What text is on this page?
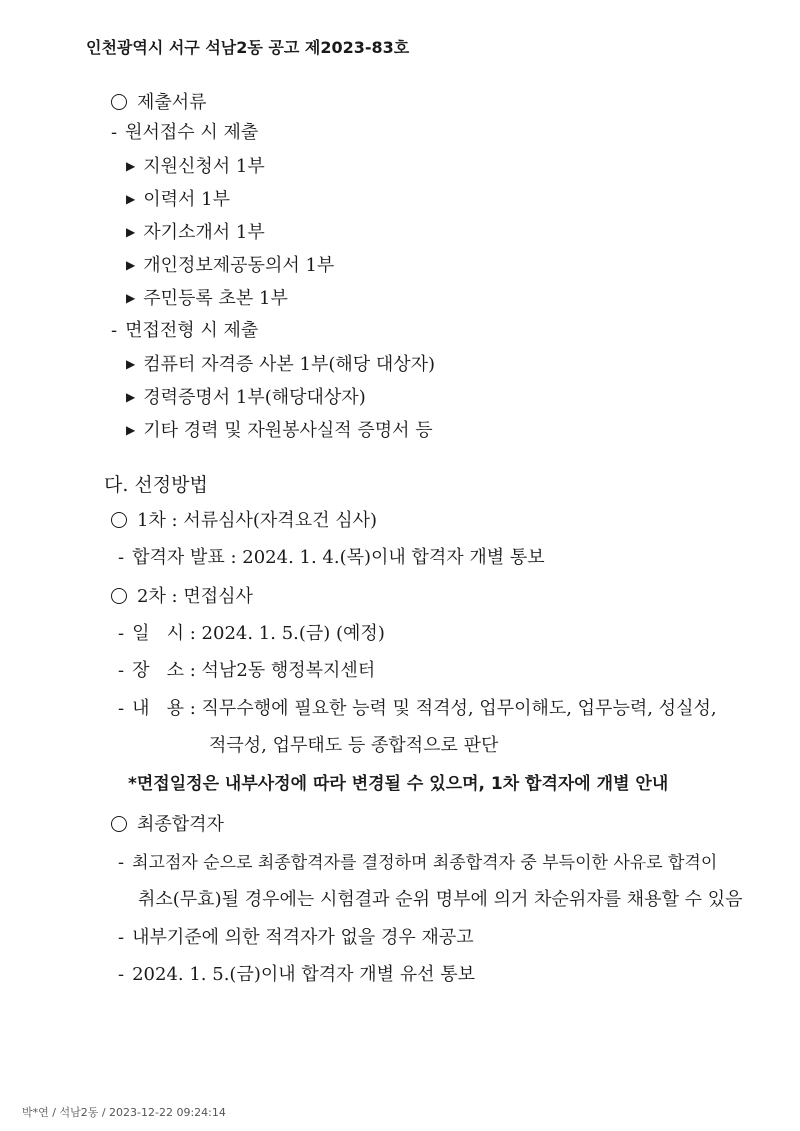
인천광역시 서구 석남2동 공고 제2023-83호
제출서류
- 원서접수 시 제출
▶ 지원신청서 1부
▶ 이력서 1부
▶ 자기소개서 1부
▶ 개인정보제공동의서 1부
▶ 주민등록 초본 1부
- 면접전형 시 제출
▶ 컴퓨터 자격증 사본 1부(해당 대상자)
▶ 경력증명서 1부(해당대상자)
▶ 기타 경력 및 자원봉사실적 증명서 등
다. 선정방법
1차 : 서류심사(자격요건 심사)
- 합격자 발표 : 2024. 1. 4.(목)이내 합격자 개별 통보
2차 : 면접심사
- 일   시 : 2024. 1. 5.(금) (예정)
- 장   소 : 석남2동 행정복지센터
- 내   용 : 직무수행에 필요한 능력 및 적격성, 업무이해도, 업무능력, 성실성,
적극성, 업무태도 등 종합적으로 판단
*면접일정은 내부사정에 따라 변경될 수 있으며, 1차 합격자에 개별 안내
최종합격자
- 최고점자 순으로 최종합격자를 결정하며 최종합격자 중 부득이한 사유로 합격이
취소(무효)될 경우에는 시험결과 순위 명부에 의거 차순위자를 채용할 수 있음
- 내부기준에 의한 적격자가 없을 경우 재공고
- 2024. 1. 5.(금)이내 합격자 개별 유선 통보
박*연 / 석남2동 / 2023-12-22 09:24:14
